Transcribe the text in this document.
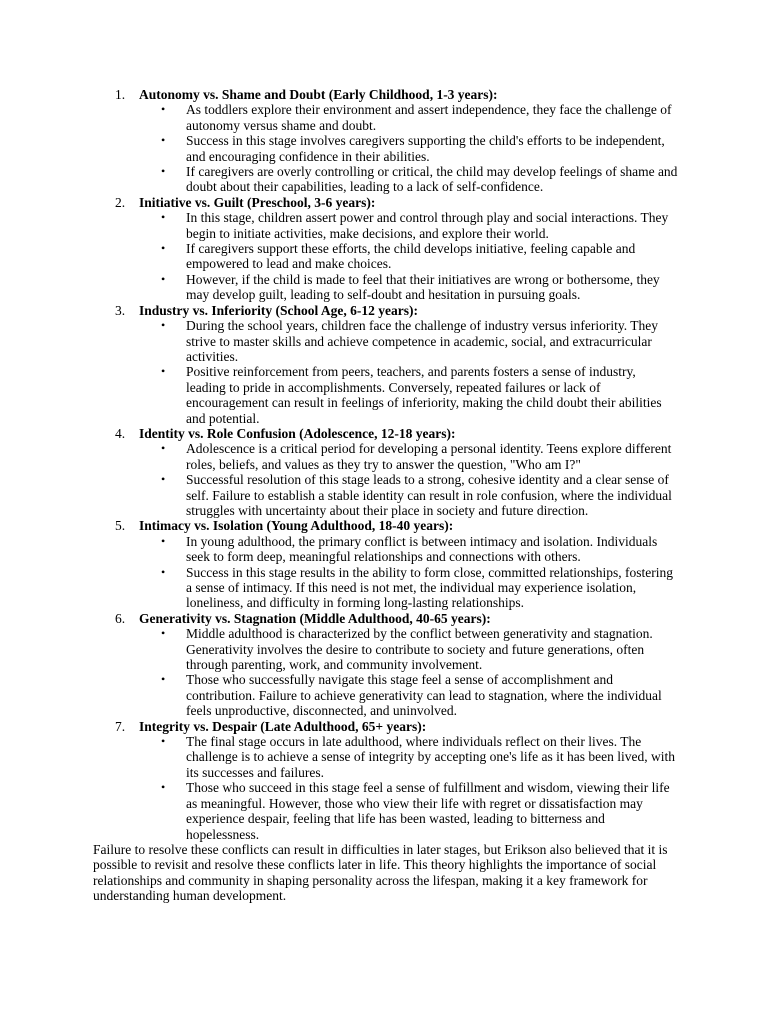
1. Autonomy vs. Shame and Doubt (Early Childhood, 1-3 years):
• As toddlers explore their environment and assert independence, they face the challenge of autonomy versus shame and doubt.
• Success in this stage involves caregivers supporting the child's efforts to be independent, and encouraging confidence in their abilities.
• If caregivers are overly controlling or critical, the child may develop feelings of shame and doubt about their capabilities, leading to a lack of self-confidence.
2. Initiative vs. Guilt (Preschool, 3-6 years):
• In this stage, children assert power and control through play and social interactions. They begin to initiate activities, make decisions, and explore their world.
• If caregivers support these efforts, the child develops initiative, feeling capable and empowered to lead and make choices.
• However, if the child is made to feel that their initiatives are wrong or bothersome, they may develop guilt, leading to self-doubt and hesitation in pursuing goals.
3. Industry vs. Inferiority (School Age, 6-12 years):
• During the school years, children face the challenge of industry versus inferiority. They strive to master skills and achieve competence in academic, social, and extracurricular activities.
• Positive reinforcement from peers, teachers, and parents fosters a sense of industry, leading to pride in accomplishments. Conversely, repeated failures or lack of encouragement can result in feelings of inferiority, making the child doubt their abilities and potential.
4. Identity vs. Role Confusion (Adolescence, 12-18 years):
• Adolescence is a critical period for developing a personal identity. Teens explore different roles, beliefs, and values as they try to answer the question, "Who am I?"
• Successful resolution of this stage leads to a strong, cohesive identity and a clear sense of self. Failure to establish a stable identity can result in role confusion, where the individual struggles with uncertainty about their place in society and future direction.
5. Intimacy vs. Isolation (Young Adulthood, 18-40 years):
• In young adulthood, the primary conflict is between intimacy and isolation. Individuals seek to form deep, meaningful relationships and connections with others.
• Success in this stage results in the ability to form close, committed relationships, fostering a sense of intimacy. If this need is not met, the individual may experience isolation, loneliness, and difficulty in forming long-lasting relationships.
6. Generativity vs. Stagnation (Middle Adulthood, 40-65 years):
• Middle adulthood is characterized by the conflict between generativity and stagnation. Generativity involves the desire to contribute to society and future generations, often through parenting, work, and community involvement.
• Those who successfully navigate this stage feel a sense of accomplishment and contribution. Failure to achieve generativity can lead to stagnation, where the individual feels unproductive, disconnected, and uninvolved.
7. Integrity vs. Despair (Late Adulthood, 65+ years):
• The final stage occurs in late adulthood, where individuals reflect on their lives. The challenge is to achieve a sense of integrity by accepting one's life as it has been lived, with its successes and failures.
• Those who succeed in this stage feel a sense of fulfillment and wisdom, viewing their life as meaningful. However, those who view their life with regret or dissatisfaction may experience despair, feeling that life has been wasted, leading to bitterness and hopelessness.

Failure to resolve these conflicts can result in difficulties in later stages, but Erikson also believed that it is possible to revisit and resolve these conflicts later in life. This theory highlights the importance of social relationships and community in shaping personality across the lifespan, making it a key framework for understanding human development.
